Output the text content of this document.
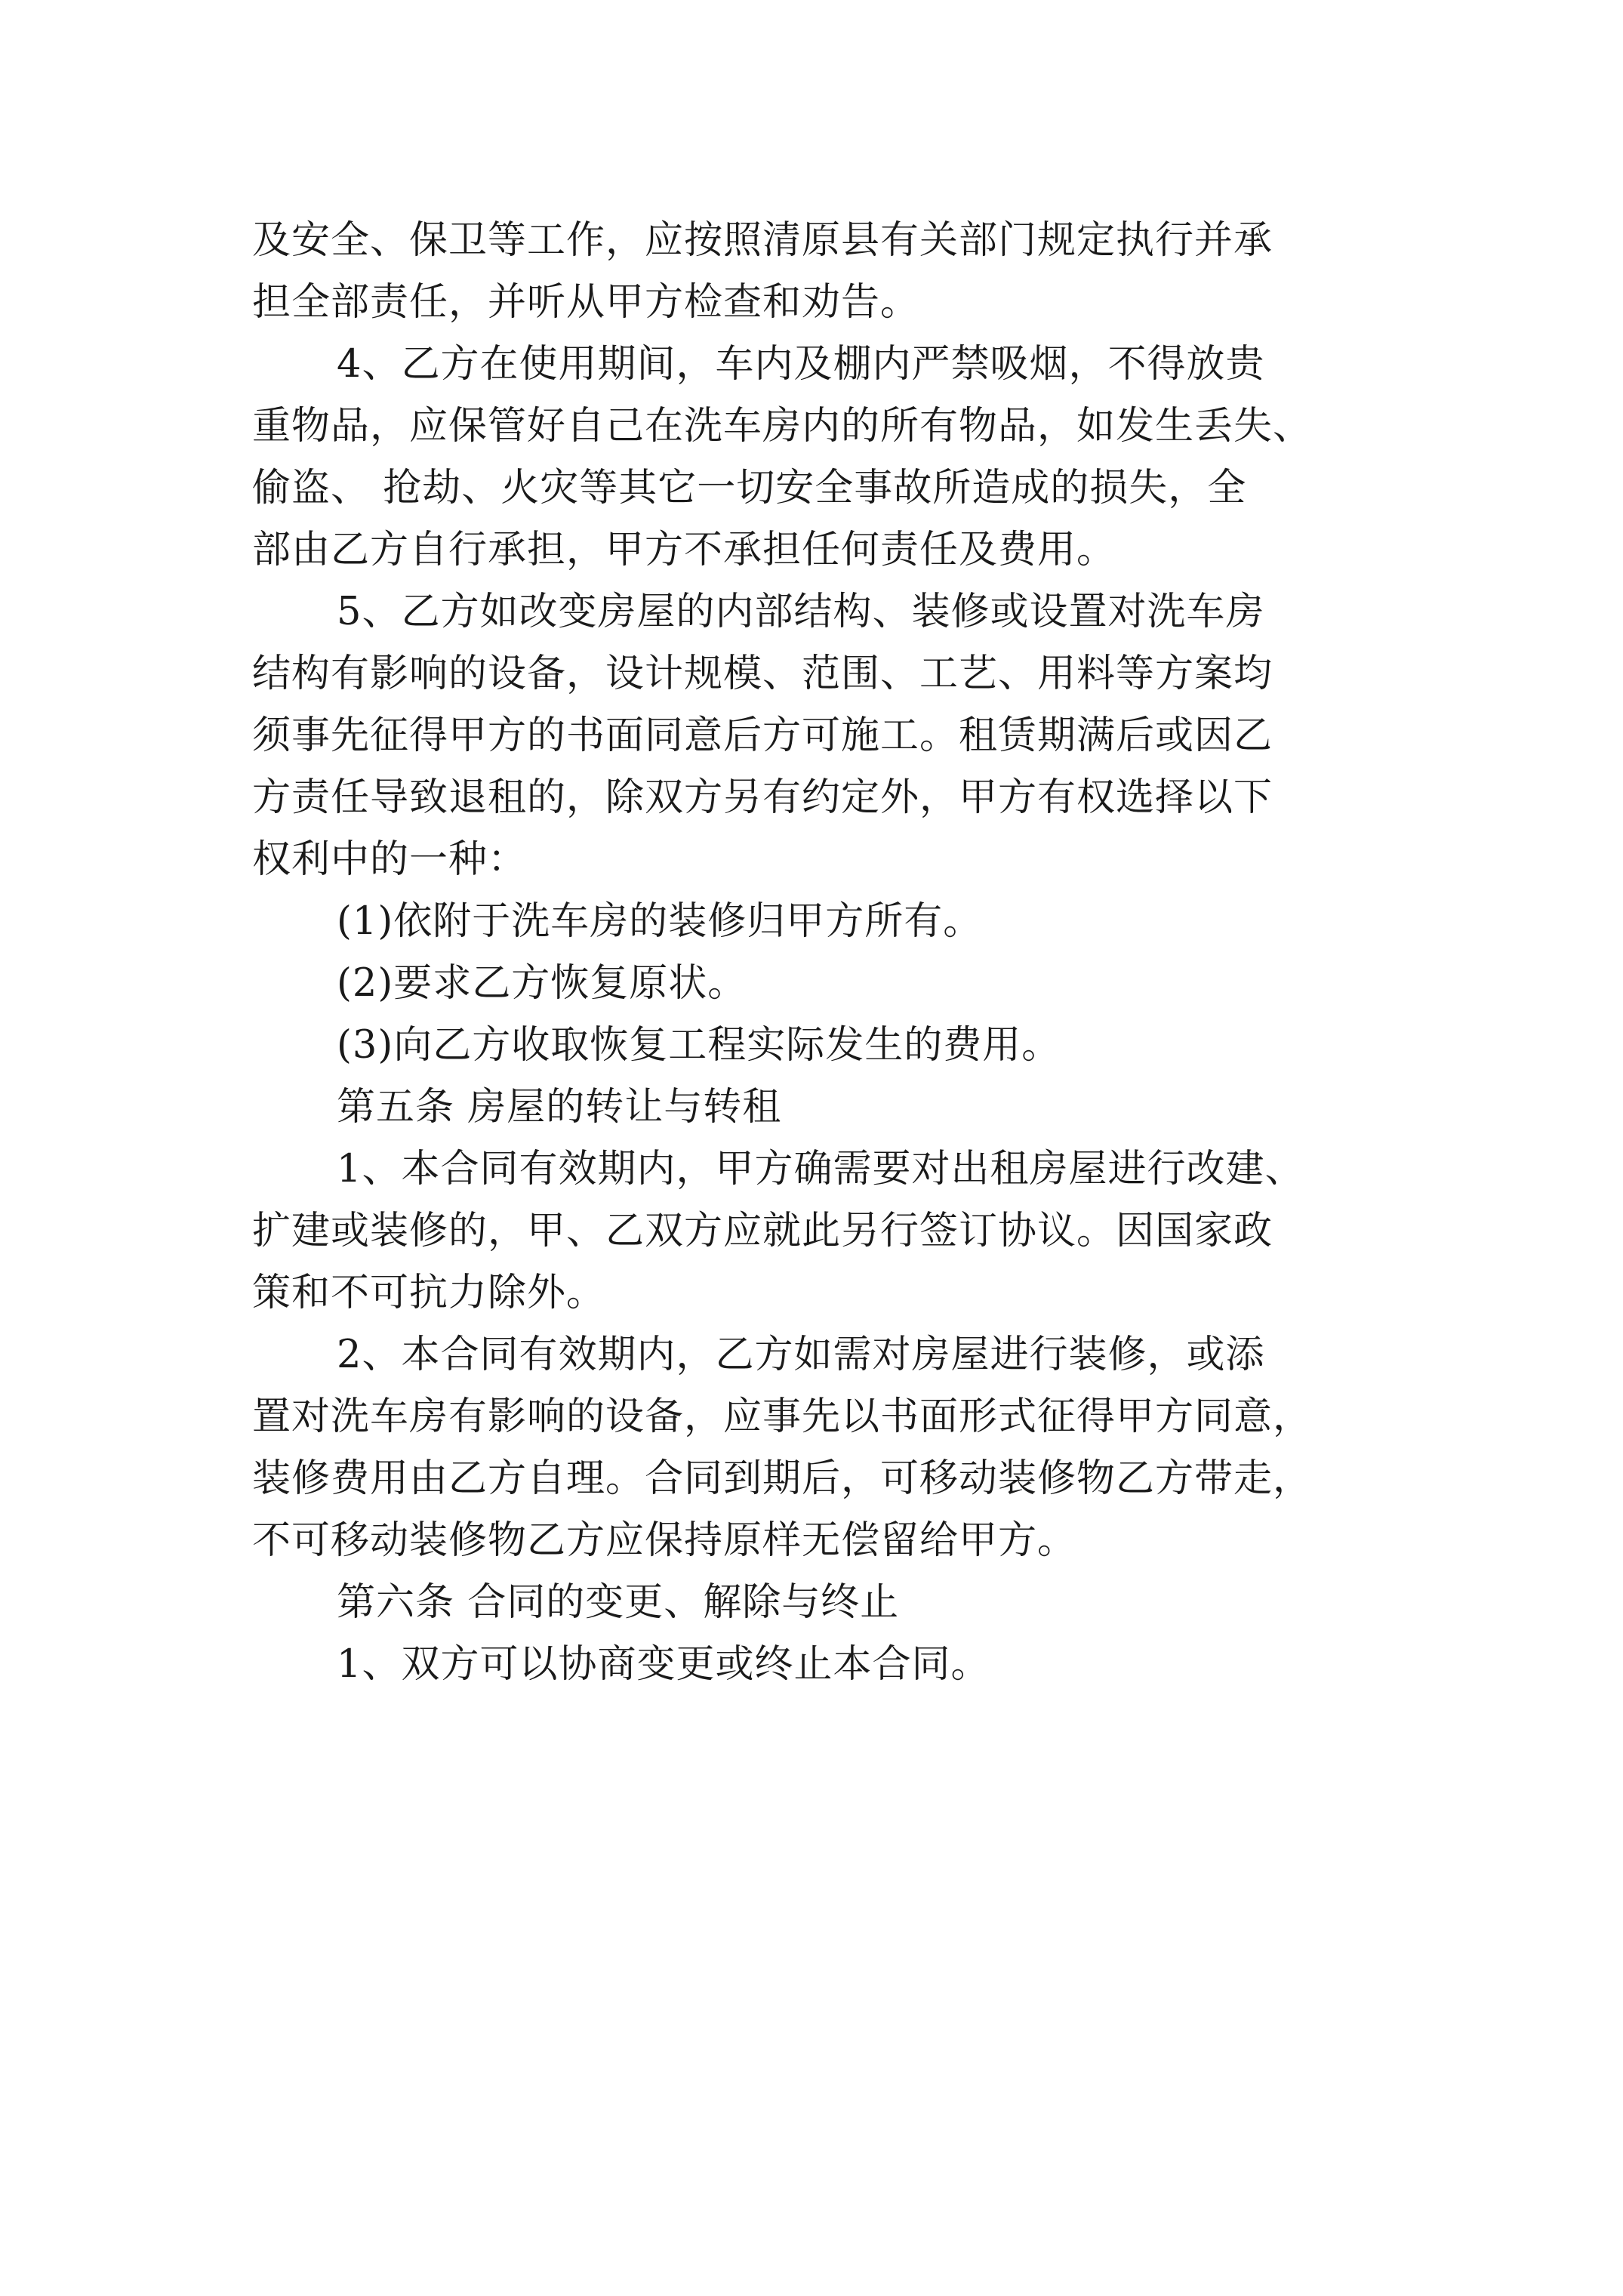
及安全、保卫等工作，应按照清原县有关部门规定执行并承
担全部责任，并听从甲方检查和劝告。
4、乙方在使用期间，车内及棚内严禁吸烟，不得放贵
重物品，应保管好自己在洗车房内的所有物品，如发生丢失、
偷盗、 抢劫、火灾等其它一切安全事故所造成的损失，全
部由乙方自行承担，甲方不承担任何责任及费用。
5、乙方如改变房屋的内部结构、装修或设置对洗车房
结构有影响的设备，设计规模、范围、工艺、用料等方案均
须事先征得甲方的书面同意后方可施工。租赁期满后或因乙
方责任导致退租的，除双方另有约定外，甲方有权选择以下
权利中的一种：
(1)依附于洗车房的装修归甲方所有。
(2)要求乙方恢复原状。
(3)向乙方收取恢复工程实际发生的费用。
第五条 房屋的转让与转租
1、本合同有效期内，甲方确需要对出租房屋进行改建、
扩建或装修的，甲、乙双方应就此另行签订协议。因国家政
策和不可抗力除外。
2、本合同有效期内，乙方如需对房屋进行装修，或添
置对洗车房有影响的设备，应事先以书面形式征得甲方同意，
装修费用由乙方自理。合同到期后，可移动装修物乙方带走，
不可移动装修物乙方应保持原样无偿留给甲方。
第六条 合同的变更、解除与终止
1、双方可以协商变更或终止本合同。
